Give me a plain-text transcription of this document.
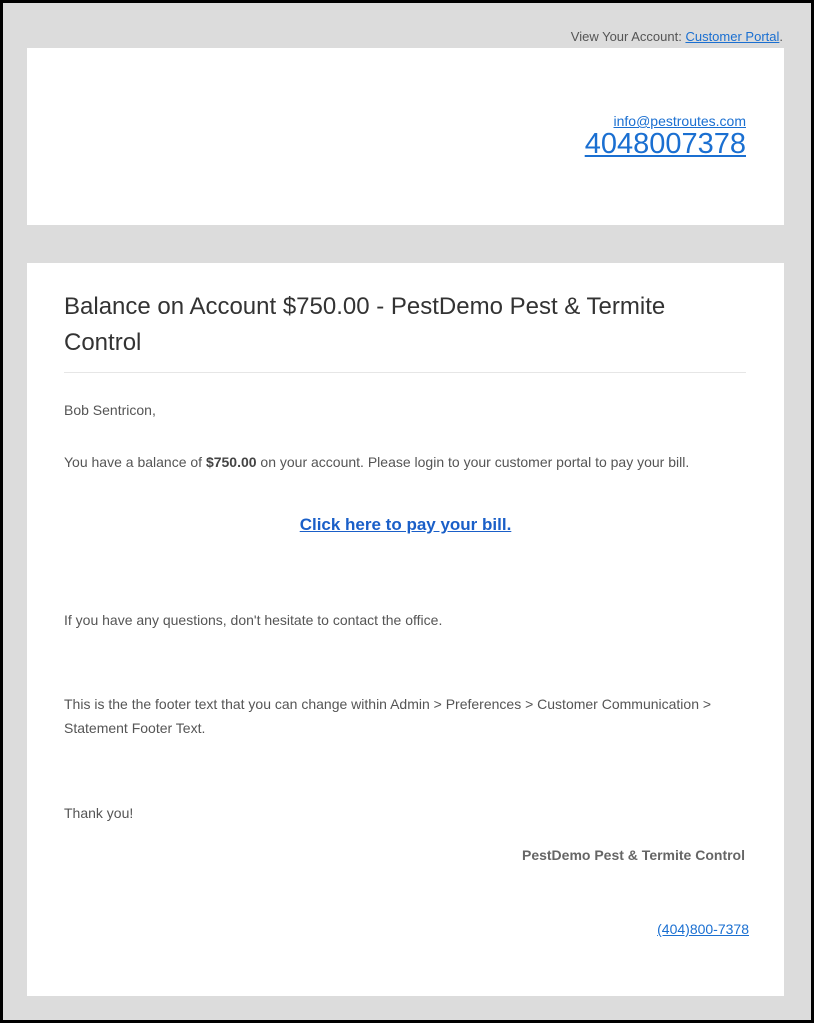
View Your Account: Customer Portal.
info@pestroutes.com
4048007378
Balance on Account $750.00 - PestDemo Pest & Termite Control

Bob Sentricon,

You have a balance of $750.00 on your account. Please login to your customer portal to pay your bill.

Click here to pay your bill.

If you have any questions, don't hesitate to contact the office.

This is the the footer text that you can change within Admin > Preferences > Customer Communication > Statement Footer Text.

Thank you!

PestDemo Pest & Termite Control
(404)800-7378
